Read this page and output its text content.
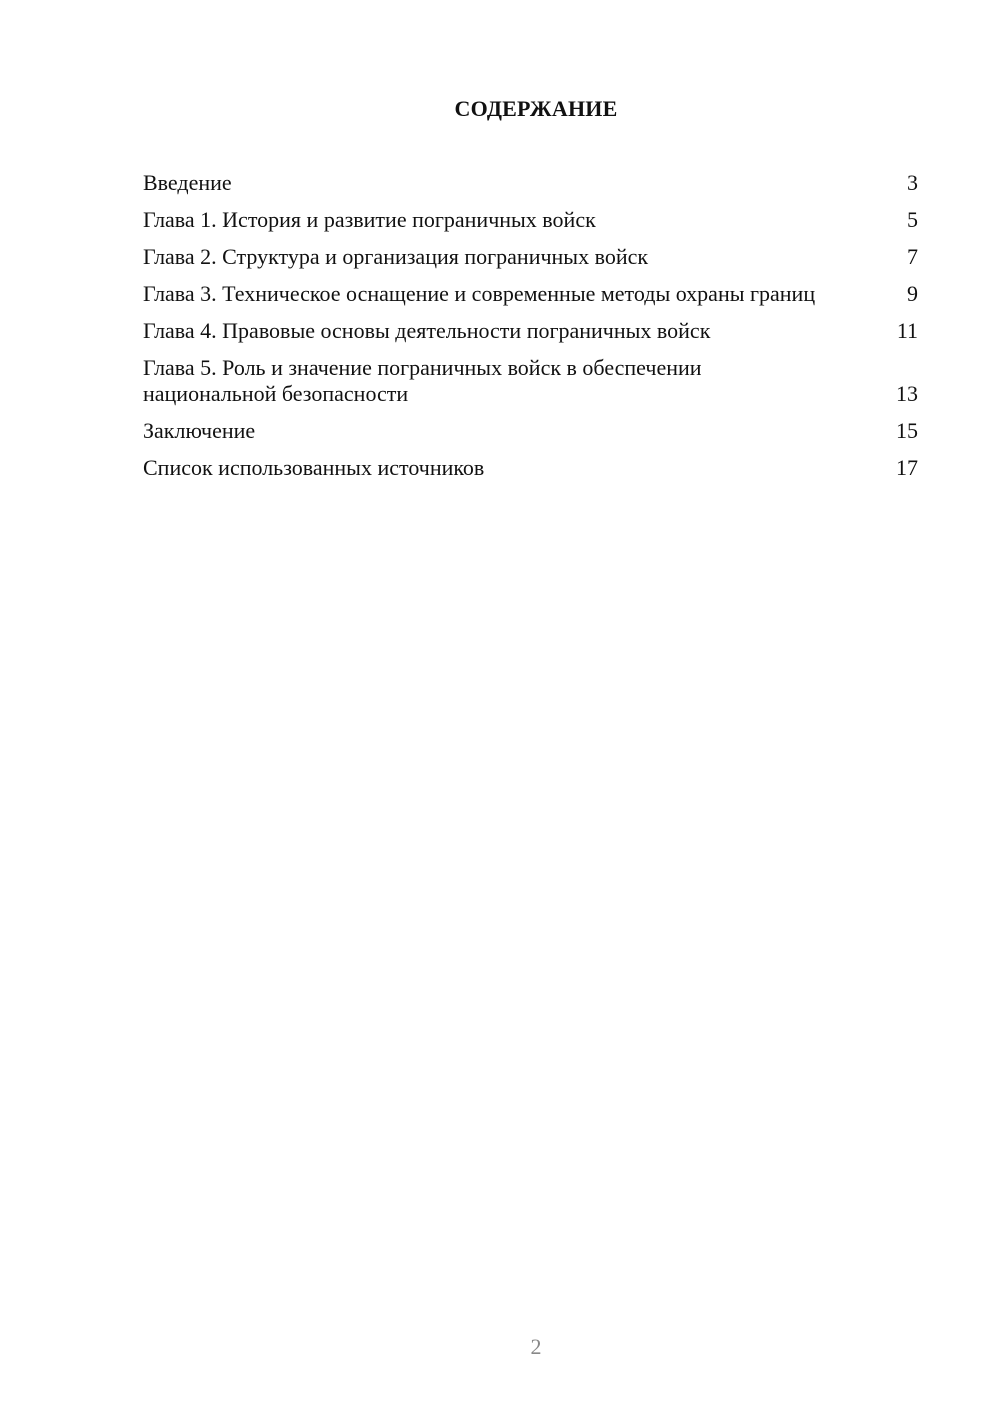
СОДЕРЖАНИЕ
Введение	3
Глава 1. История и развитие пограничных войск	5
Глава 2. Структура и организация пограничных войск	7
Глава 3. Техническое оснащение и современные методы охраны границ	9
Глава 4. Правовые основы деятельности пограничных войск	11
Глава 5. Роль и значение пограничных войск в обеспечении национальной безопасности	13
Заключение	15
Список использованных источников	17
2
